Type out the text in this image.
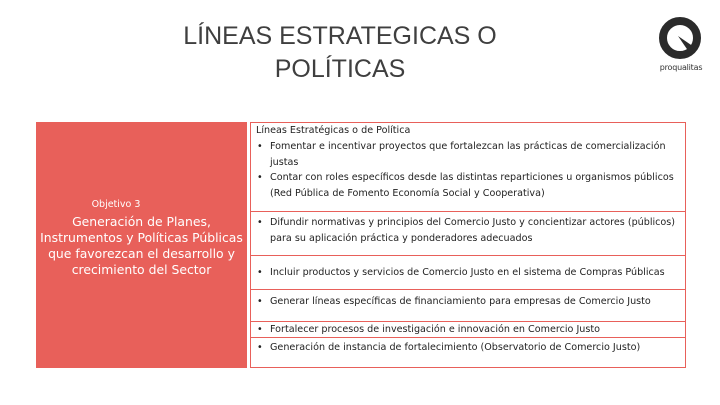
LÍNEAS ESTRATEGICAS O POLÍTICAS	proqualitas
Objetivo 3
Generación de Planes, Instrumentos y Políticas Públicas que favorezcan el desarrollo y crecimiento del Sector
Líneas Estratégicas o de Política
• Fomentar e incentivar proyectos que fortalezcan las prácticas de comercialización justas
• Contar con roles específicos desde las distintas reparticiones u organismos públicos (Red Pública de Fomento Economía Social y Cooperativa)
• Difundir normativas y principios del Comercio Justo y concientizar actores (públicos) para su aplicación práctica y ponderadores adecuados
• Incluir productos y servicios de Comercio Justo en el sistema de Compras Públicas
• Generar líneas específicas de financiamiento para empresas de Comercio Justo
• Fortalecer procesos de investigación e innovación en Comercio Justo
• Generación de instancia de fortalecimiento (Observatorio de Comercio Justo)
